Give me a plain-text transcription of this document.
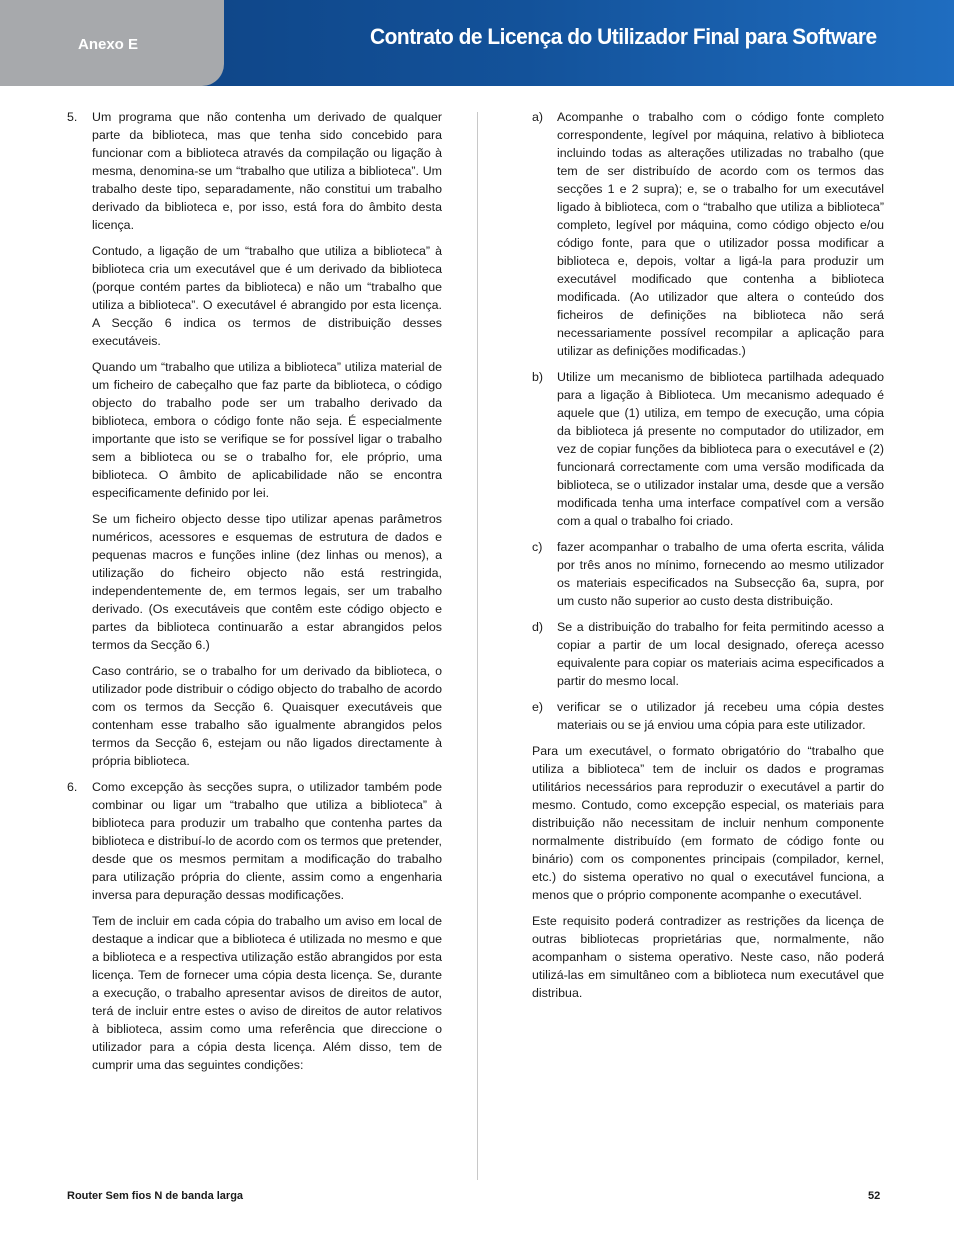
Anexo E	Contrato de Licença do Utilizador Final para Software
5.	Um programa que não contenha um derivado de qualquer parte da biblioteca, mas que tenha sido concebido para funcionar com a biblioteca através da compilação ou ligação à mesma, denomina-se um “trabalho que utiliza a biblioteca”. Um trabalho deste tipo, separadamente, não constitui um trabalho derivado da biblioteca e, por isso, está fora do âmbito desta licença.

Contudo, a ligação de um “trabalho que utiliza a biblioteca” à biblioteca cria um executável que é um derivado da biblioteca (porque contém partes da biblioteca) e não um “trabalho que utiliza a biblioteca”. O executável é abrangido por esta licença. A Secção 6 indica os termos de distribuição desses executáveis.

Quando um “trabalho que utiliza a biblioteca” utiliza material de um ficheiro de cabeçalho que faz parte da biblioteca, o código objecto do trabalho pode ser um trabalho derivado da biblioteca, embora o código fonte não seja. É especialmente importante que isto se verifique se for possível ligar o trabalho sem a biblioteca ou se o trabalho for, ele próprio, uma biblioteca. O âmbito de aplicabilidade não se encontra especificamente definido por lei.

Se um ficheiro objecto desse tipo utilizar apenas parâmetros numéricos, acessores e esquemas de estrutura de dados e pequenas macros e funções inline (dez linhas ou menos), a utilização do ficheiro objecto não está restringida, independentemente de, em termos legais, ser um trabalho derivado. (Os executáveis que contêm este código objecto e partes da biblioteca continuarão a estar abrangidos pelos termos da Secção 6.)

Caso contrário, se o trabalho for um derivado da biblioteca, o utilizador pode distribuir o código objecto do trabalho de acordo com os termos da Secção 6. Quaisquer executáveis que contenham esse trabalho são igualmente abrangidos pelos termos da Secção 6, estejam ou não ligados directamente à própria biblioteca.

6.	Como excepção às secções supra, o utilizador também pode combinar ou ligar um “trabalho que utiliza a biblioteca” à biblioteca para produzir um trabalho que contenha partes da biblioteca e distribuí-lo de acordo com os termos que pretender, desde que os mesmos permitam a modificação do trabalho para utilização própria do cliente, assim como a engenharia inversa para depuração dessas modificações.

Tem de incluir em cada cópia do trabalho um aviso em local de destaque a indicar que a biblioteca é utilizada no mesmo e que a biblioteca e a respectiva utilização estão abrangidos por esta licença. Tem de fornecer uma cópia desta licença. Se, durante a execução, o trabalho apresentar avisos de direitos de autor, terá de incluir entre estes o aviso de direitos de autor relativos à biblioteca, assim como uma referência que direccione o utilizador para a cópia desta licença. Além disso, tem de cumprir uma das seguintes condições:

a)	Acompanhe o trabalho com o código fonte completo correspondente, legível por máquina, relativo à biblioteca incluindo todas as alterações utilizadas no trabalho (que tem de ser distribuído de acordo com os termos das secções 1 e 2 supra); e, se o trabalho for um executável ligado à biblioteca, com o “trabalho que utiliza a biblioteca” completo, legível por máquina, como código objecto e/ou código fonte, para que o utilizador possa modificar a biblioteca e, depois, voltar a ligá-la para produzir um executável modificado que contenha a biblioteca modificada. (Ao utilizador que altera o conteúdo dos ficheiros de definições na biblioteca não será necessariamente possível recompilar a aplicação para utilizar as definições modificadas.)
b)	Utilize um mecanismo de biblioteca partilhada adequado para a ligação à Biblioteca. Um mecanismo adequado é aquele que (1) utiliza, em tempo de execução, uma cópia da biblioteca já presente no computador do utilizador, em vez de copiar funções da biblioteca para o executável e (2) funcionará correctamente com uma versão modificada da biblioteca, se o utilizador instalar uma, desde que a versão modificada tenha uma interface compatível com a versão com a qual o trabalho foi criado.
c)	fazer acompanhar o trabalho de uma oferta escrita, válida por três anos no mínimo, fornecendo ao mesmo utilizador os materiais especificados na Subsecção 6a, supra, por um custo não superior ao custo desta distribuição.
d)	Se a distribuição do trabalho for feita permitindo acesso a copiar a partir de um local designado, ofereça acesso equivalente para copiar os materiais acima especificados a partir do mesmo local.
e)	verificar se o utilizador já recebeu uma cópia destes materiais ou se já enviou uma cópia para este utilizador.

Para um executável, o formato obrigatório do “trabalho que utiliza a biblioteca” tem de incluir os dados e programas utilitários necessários para reproduzir o executável a partir do mesmo. Contudo, como excepção especial, os materiais para distribuição não necessitam de incluir nenhum componente normalmente distribuído (em formato de código fonte ou binário) com os componentes principais (compilador, kernel, etc.) do sistema operativo no qual o executável funciona, a menos que o próprio componente acompanhe o executável.

Este requisito poderá contradizer as restrições da licença de outras bibliotecas proprietárias que, normalmente, não acompanham o sistema operativo. Neste caso, não poderá utilizá-las em simultâneo com a biblioteca num executável que distribua.

Router Sem fios N de banda larga	52
